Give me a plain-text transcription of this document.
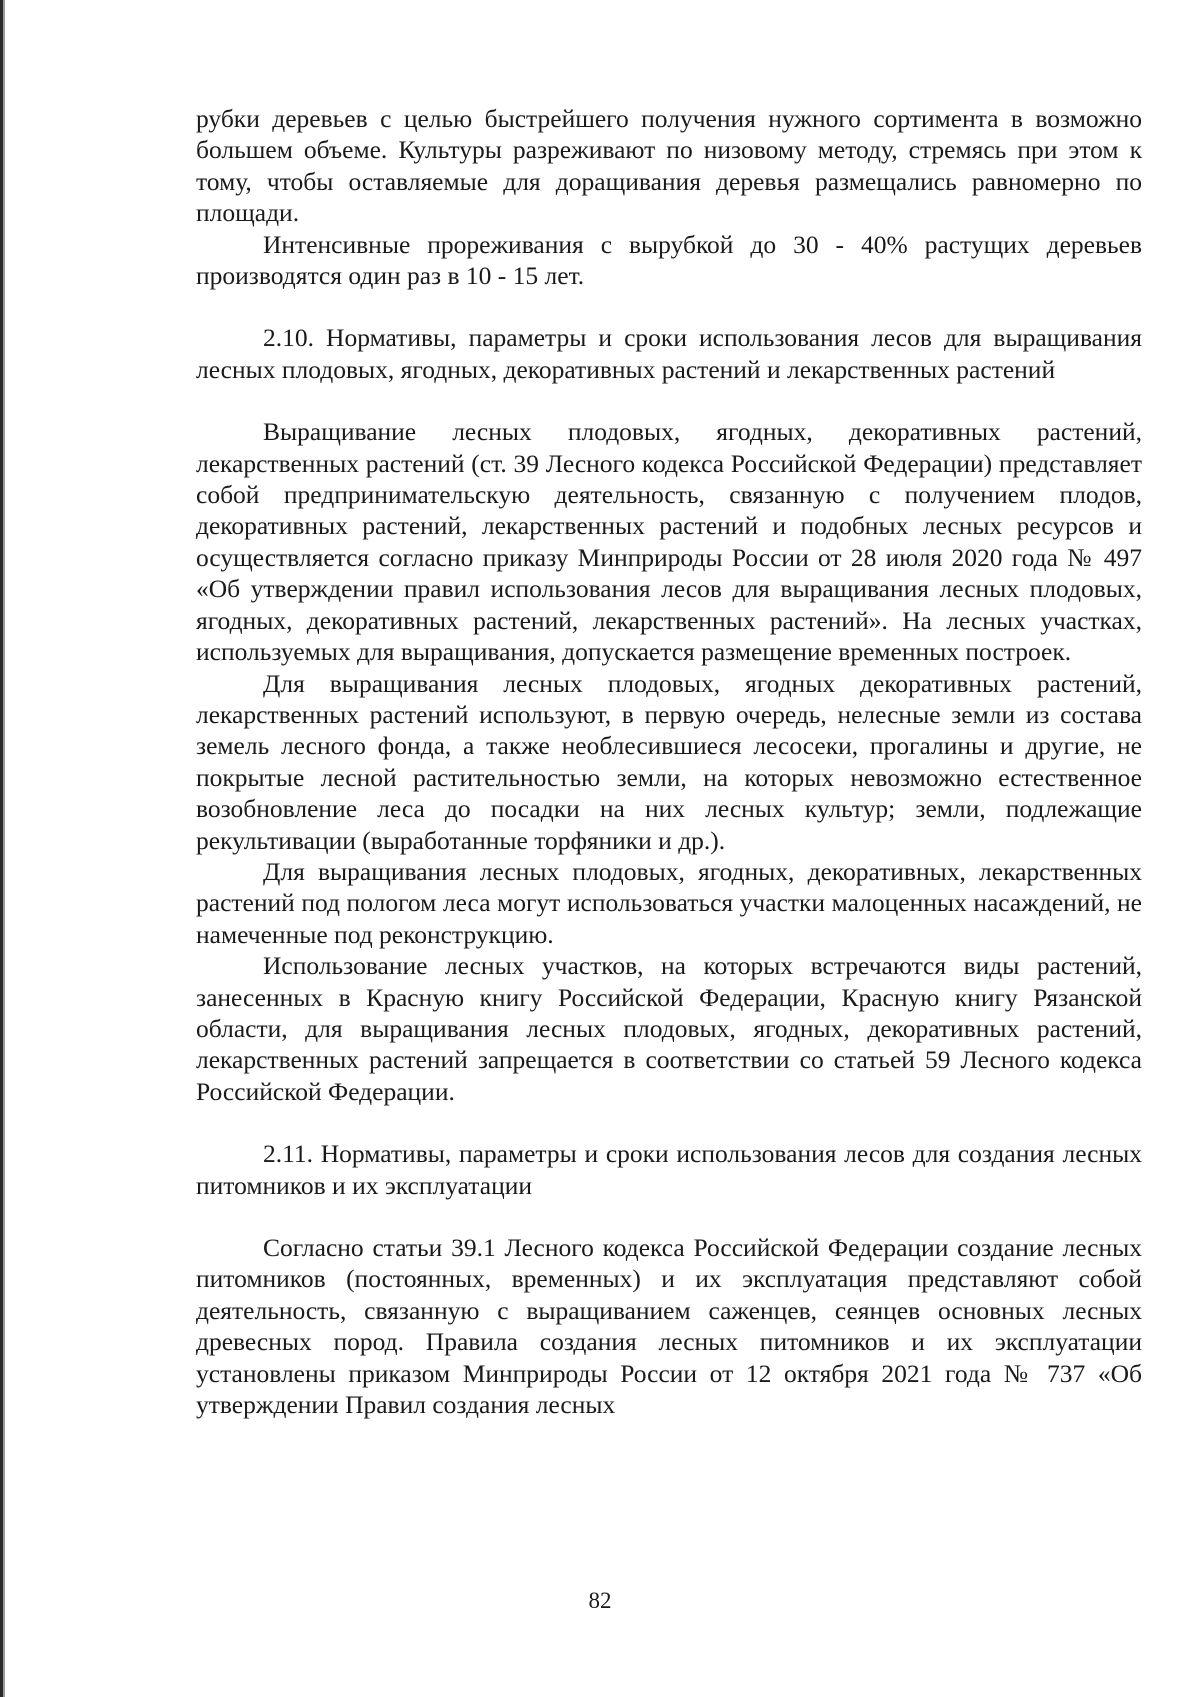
рубки деревьев с целью быстрейшего получения нужного сортимента в возможно большем объеме. Культуры разреживают по низовому методу, стремясь при этом к тому, чтобы оставляемые для доращивания деревья размещались равномерно по площади.

Интенсивные прореживания с вырубкой до 30 - 40% растущих деревьев производятся один раз в 10 - 15 лет.

2.10. Нормативы, параметры и сроки использования лесов для выращивания лесных плодовых, ягодных, декоративных растений и лекарственных растений

Выращивание лесных плодовых, ягодных, декоративных растений, лекарственных растений (ст. 39 Лесного кодекса Российской Федерации) представляет собой предпринимательскую деятельность, связанную с получением плодов, декоративных растений, лекарственных растений и подобных лесных ресурсов и осуществляется согласно приказу Минприроды России от 28 июля 2020 года № 497 «Об утверждении правил использования лесов для выращивания лесных плодовых, ягодных, декоративных растений, лекарственных растений». На лесных участках, используемых для выращивания, допускается размещение временных построек.

Для выращивания лесных плодовых, ягодных декоративных растений, лекарственных растений используют, в первую очередь, нелесные земли из состава земель лесного фонда, а также необлесившиеся лесосеки, прогалины и другие, не покрытые лесной растительностью земли, на которых невозможно естественное возобновление леса до посадки на них лесных культур; земли, подлежащие рекультивации (выработанные торфяники и др.).

Для выращивания лесных плодовых, ягодных, декоративных, лекарственных растений под пологом леса могут использоваться участки малоценных насаждений, не намеченные под реконструкцию.

Использование лесных участков, на которых встречаются виды растений, занесенных в Красную книгу Российской Федерации, Красную книгу Рязанской области, для выращивания лесных плодовых, ягодных, декоративных растений, лекарственных растений запрещается в соответствии со статьей 59 Лесного кодекса Российской Федерации.

2.11. Нормативы, параметры и сроки использования лесов для создания лесных питомников и их эксплуатации

Согласно статьи 39.1 Лесного кодекса Российской Федерации создание лесных питомников (постоянных, временных) и их эксплуатация представляют собой деятельность, связанную с выращиванием саженцев, сеянцев основных лесных древесных пород. Правила создания лесных питомников и их эксплуатации установлены приказом Минприроды России от 12 октября 2021 года № 737 «Об утверждении Правил создания лесных

82
